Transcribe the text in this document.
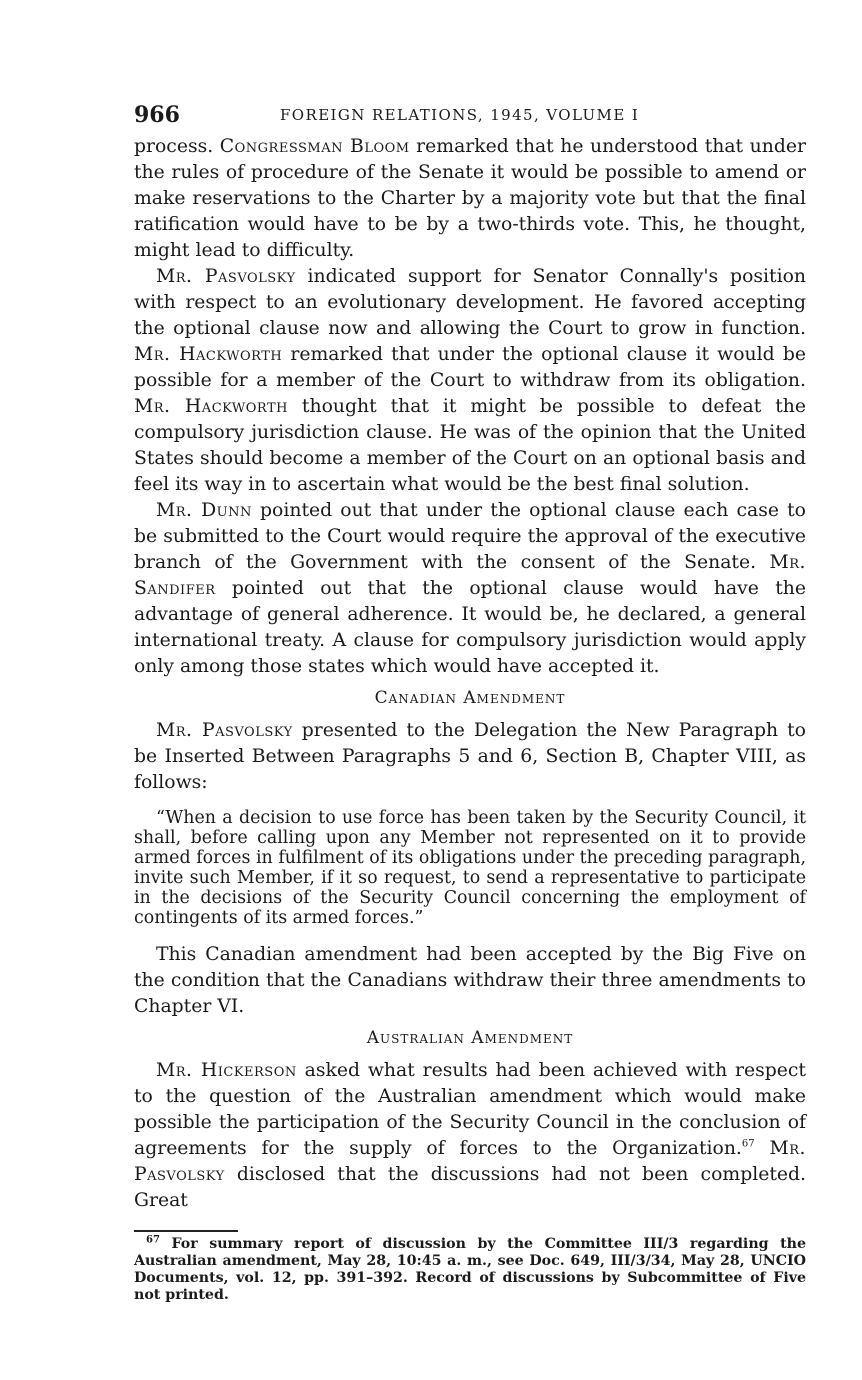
966	FOREIGN RELATIONS, 1945, VOLUME I

process. Congressman Bloom remarked that he understood that under the rules of procedure of the Senate it would be possible to amend or make reservations to the Charter by a majority vote but that the final ratification would have to be by a two-thirds vote. This, he thought, might lead to difficulty.

Mr. Pasvolsky indicated support for Senator Connally's position with respect to an evolutionary development. He favored accepting the optional clause now and allowing the Court to grow in function. Mr. Hackworth remarked that under the optional clause it would be possible for a member of the Court to withdraw from its obligation. Mr. Hackworth thought that it might be possible to defeat the compulsory jurisdiction clause. He was of the opinion that the United States should become a member of the Court on an optional basis and feel its way in to ascertain what would be the best final solution.

Mr. Dunn pointed out that under the optional clause each case to be submitted to the Court would require the approval of the executive branch of the Government with the consent of the Senate. Mr. Sandifer pointed out that the optional clause would have the advantage of general adherence. It would be, he declared, a general international treaty. A clause for compulsory jurisdiction would apply only among those states which would have accepted it.

Canadian Amendment

Mr. Pasvolsky presented to the Delegation the New Paragraph to be Inserted Between Paragraphs 5 and 6, Section B, Chapter VIII, as follows:

“When a decision to use force has been taken by the Security Council, it shall, before calling upon any Member not represented on it to provide armed forces in fulfilment of its obligations under the preceding paragraph, invite such Member, if it so request, to send a representative to participate in the decisions of the Security Council concerning the employment of contingents of its armed forces.”

This Canadian amendment had been accepted by the Big Five on the condition that the Canadians withdraw their three amendments to Chapter VI.

Australian Amendment

Mr. Hickerson asked what results had been achieved with respect to the question of the Australian amendment which would make possible the participation of the Security Council in the conclusion of agreements for the supply of forces to the Organization.$^{67}$ Mr. Pasvolsky disclosed that the discussions had not been completed. Great

$^{67}$ For summary report of discussion by the Committee III/3 regarding the Australian amendment, May 28, 10:45 a. m., see Doc. 649, III/3/34, May 28, UNCIO Documents, vol. 12, pp. 391–392. Record of discussions by Subcommittee of Five not printed.
